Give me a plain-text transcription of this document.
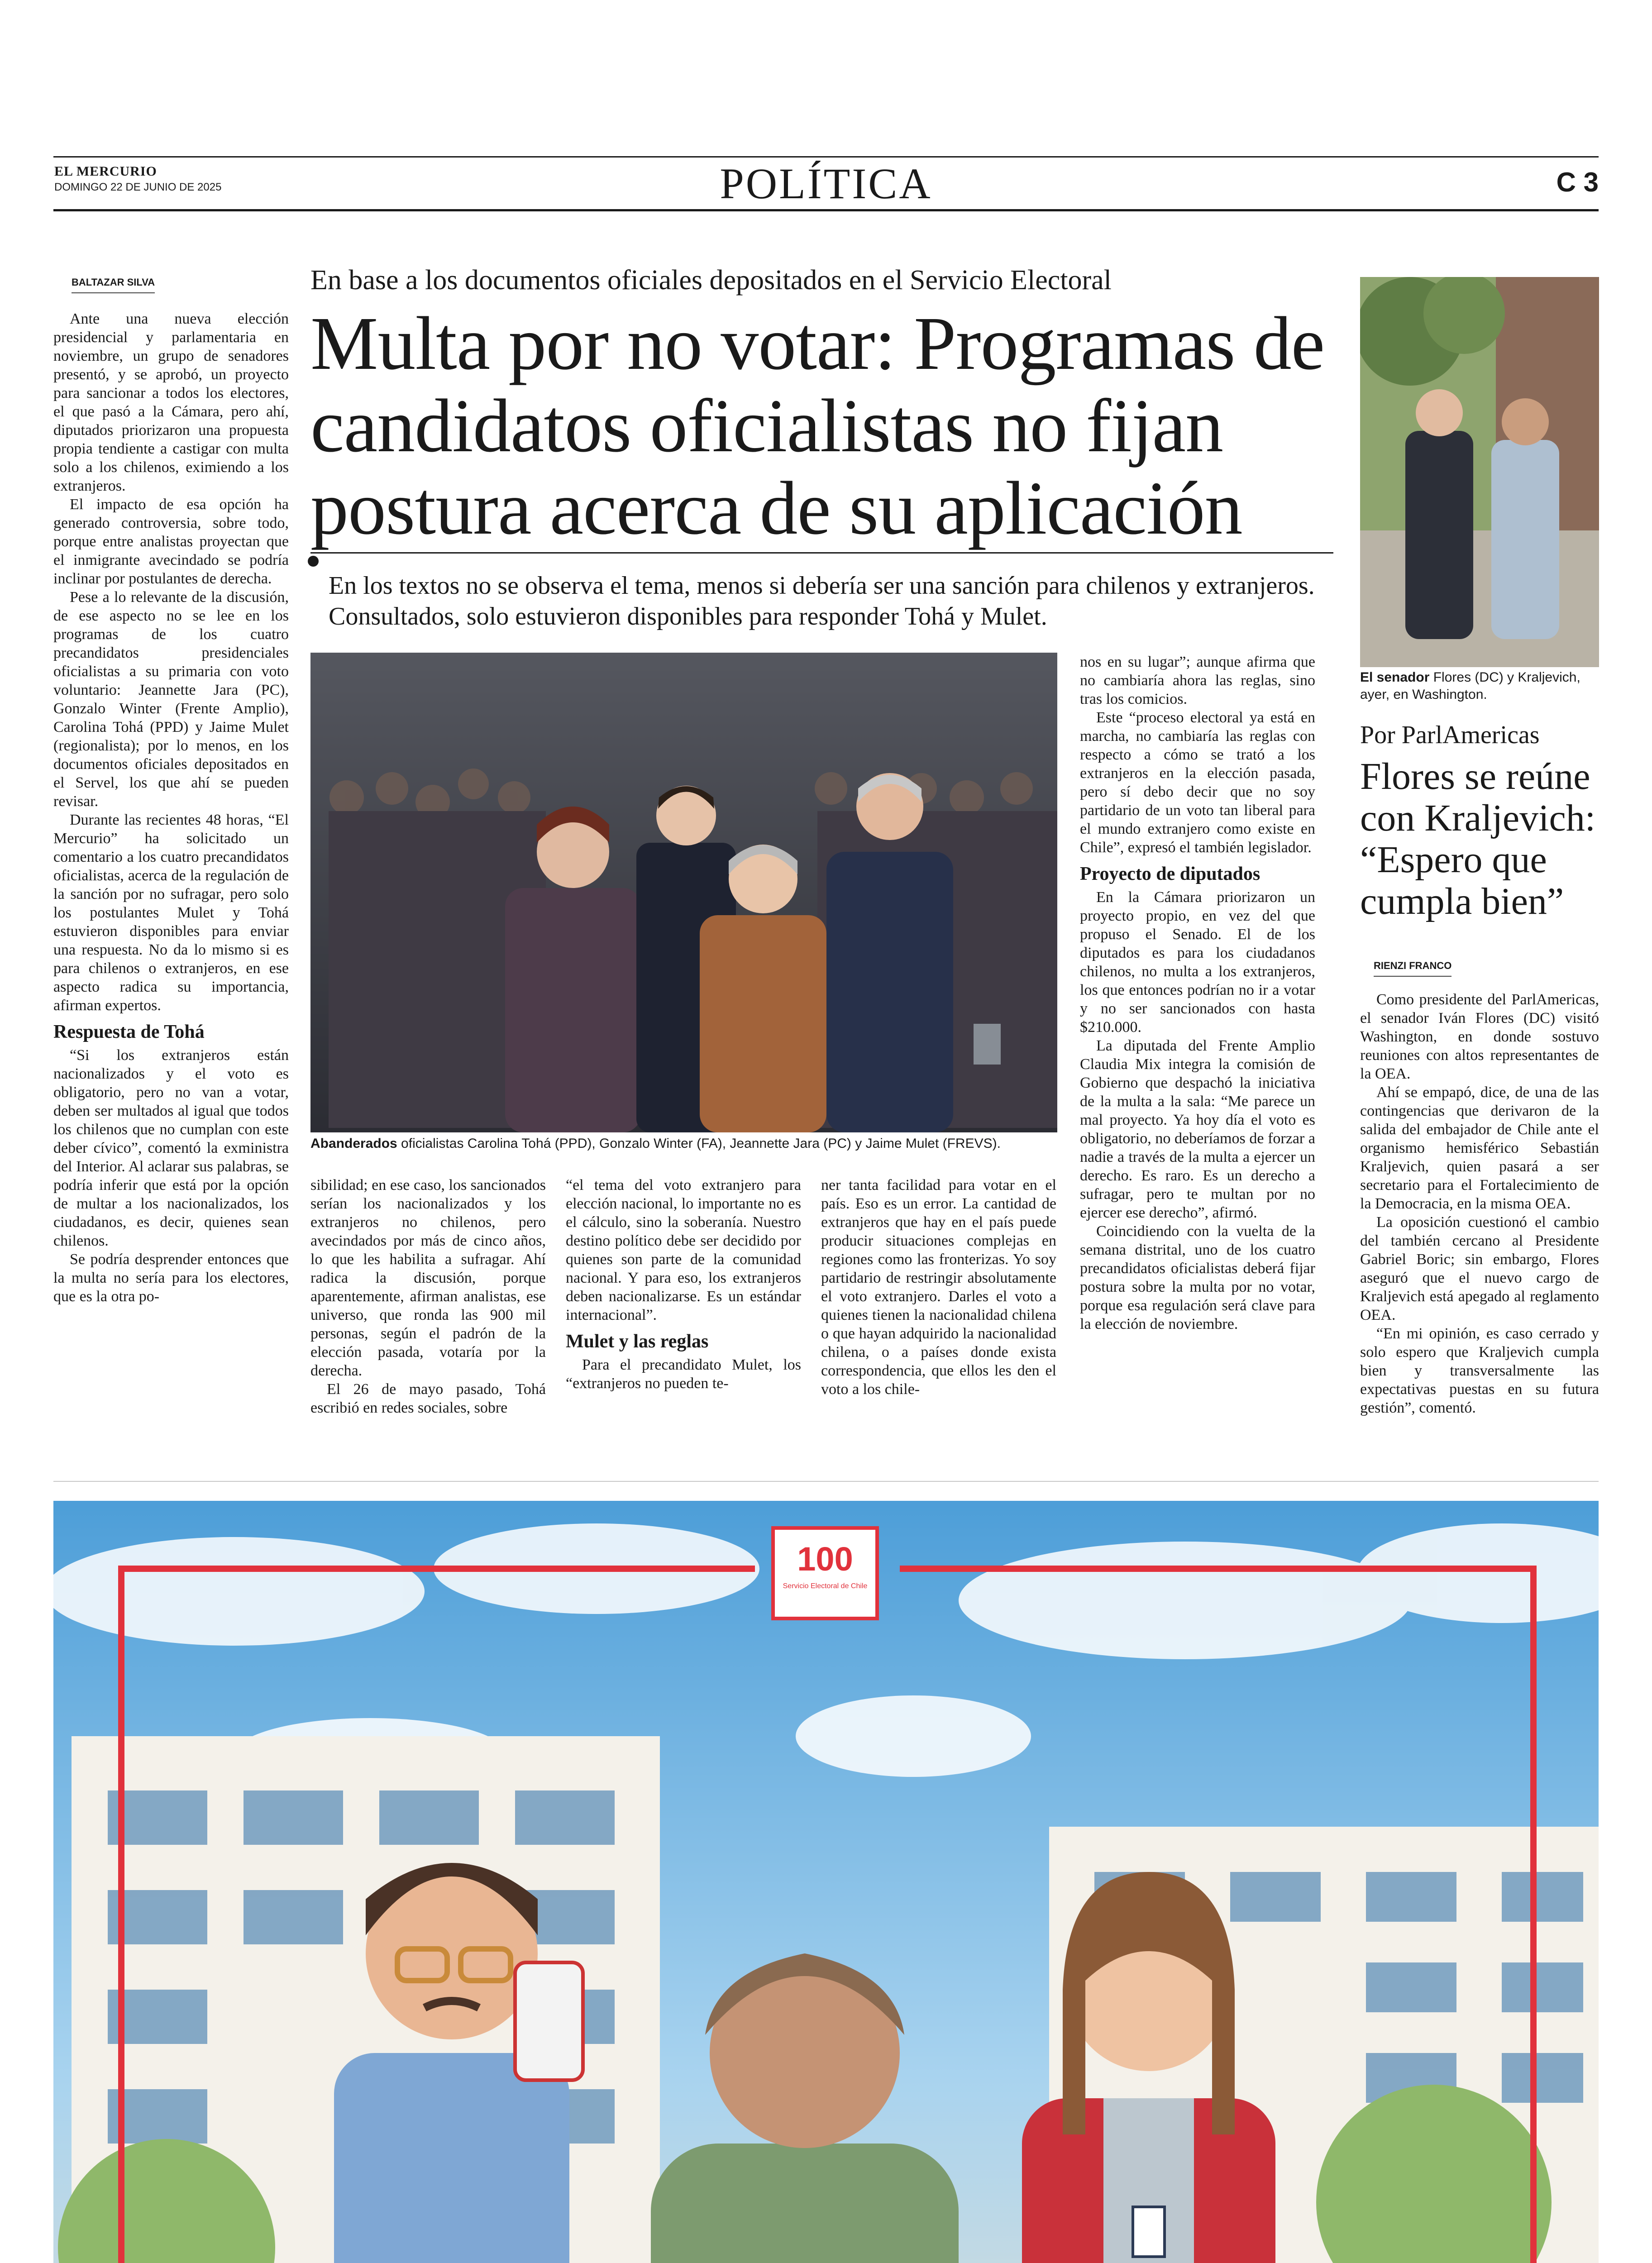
EL MERCURIO
DOMINGO 22 DE JUNIO DE 2025	POLÍTICA	C 3
BALTAZAR SILVA

Ante una nueva elección presidencial y parlamentaria en noviembre, un grupo de senadores presentó, y se aprobó, un proyecto para sancionar a todos los electores, el que pasó a la Cámara, pero ahí, diputados priorizaron una propuesta propia tendiente a castigar con multa solo a los chilenos, eximiendo a los extranjeros.

El impacto de esa opción ha generado controversia, sobre todo, porque entre analistas proyectan que el inmigrante avecindado se podría inclinar por postulantes de derecha.

Pese a lo relevante de la discusión, de ese aspecto no se lee en los programas de los cuatro precandidatos presidenciales oficialistas a su primaria con voto voluntario: Jeannette Jara (PC), Gonzalo Winter (Frente Amplio), Carolina Tohá (PPD) y Jaime Mulet (regionalista); por lo menos, en los documentos oficiales depositados en el Servel, los que ahí se pueden revisar.

Durante las recientes 48 horas, “El Mercurio” ha solicitado un comentario a los cuatro precandidatos oficialistas, acerca de la regulación de la sanción por no sufragar, pero solo los postulantes Mulet y Tohá estuvieron disponibles para enviar una respuesta. No da lo mismo si es para chilenos o extranjeros, en ese aspecto radica su importancia, afirman expertos.

Respuesta de Tohá

“Si los extranjeros están nacionalizados y el voto es obligatorio, pero no van a votar, deben ser multados al igual que todos los chilenos que no cumplan con este deber cívico”, comentó la exministra del Interior. Al aclarar sus palabras, se podría inferir que está por la opción de multar a los nacionalizados, los ciudadanos, es decir, quienes sean chilenos.

Se podría desprender entonces que la multa no sería para los electores, que es la otra po-

En base a los documentos oficiales depositados en el Servicio Electoral
Multa por no votar: Programas de candidatos oficialistas no fijan postura acerca de su aplicación
En los textos no se observa el tema, menos si debería ser una sanción para chilenos y extranjeros. Consultados, solo estuvieron disponibles para responder Tohá y Mulet.
Abanderados oficialistas Carolina Tohá (PPD), Gonzalo Winter (FA), Jeannette Jara (PC) y Jaime Mulet (FREVS).

sibilidad; en ese caso, los sancionados serían los nacionalizados y los extranjeros no chilenos, pero avecindados por más de cinco años, lo que les habilita a sufragar. Ahí radica la discusión, porque aparentemente, afirman analistas, ese universo, que ronda las 900 mil personas, según el padrón de la elección pasada, votaría por la derecha.

El 26 de mayo pasado, Tohá escribió en redes sociales, sobre

“el tema del voto extranjero para elección nacional, lo importante no es el cálculo, sino la soberanía. Nuestro destino político debe ser decidido por quienes son parte de la comunidad nacional. Y para eso, los extranjeros deben nacionalizarse. Es un estándar internacional”.

Mulet y las reglas

Para el precandidato Mulet, los “extranjeros no pueden te-

ner tanta facilidad para votar en el país. Eso es un error. La cantidad de extranjeros que hay en el país puede producir situaciones complejas en regiones como las fronterizas. Yo soy partidario de restringir absolutamente el voto extranjero. Darles el voto a quienes tienen la nacionalidad chilena o que hayan adquirido la nacionalidad chilena, o a países donde exista correspondencia, que ellos les den el voto a los chile-

nos en su lugar”; aunque afirma que no cambiaría ahora las reglas, sino tras los comicios.

Este “proceso electoral ya está en marcha, no cambiaría las reglas con respecto a cómo se trató a los extranjeros en la elección pasada, pero sí debo decir que no soy partidario de un voto tan liberal para el mundo extranjero como existe en Chile”, expresó el también legislador.

Proyecto de diputados

En la Cámara priorizaron un proyecto propio, en vez del que propuso el Senado. El de los diputados es para los ciudadanos chilenos, no multa a los extranjeros, los que entonces podrían no ir a votar y no ser sancionados con hasta $210.000.

La diputada del Frente Amplio Claudia Mix integra la comisión de Gobierno que despachó la iniciativa de la multa a la sala: “Me parece un mal proyecto. Ya hoy día el voto es obligatorio, no deberíamos de forzar a nadie a través de la multa a ejercer un derecho. Es raro. Es un derecho a sufragar, pero te multan por no ejercer ese derecho”, afirmó.

Coincidiendo con la vuelta de la semana distrital, uno de los cuatro precandidatos oficialistas deberá fijar postura sobre la multa por no votar, porque esa regulación será clave para la elección de noviembre.

El senador Flores (DC) y Kraljevich, ayer, en Washington.
Por ParlAmericas
Flores se reúne con Kraljevich: “Espero que cumpla bien”
RIENZI FRANCO

Como presidente del ParlAmericas, el senador Iván Flores (DC) visitó Washington, en donde sostuvo reuniones con altos representantes de la OEA.

Ahí se empapó, dice, de una de las contingencias que derivaron de la salida del embajador de Chile ante el organismo hemisférico Sebastián Kraljevich, quien pasará a ser secretario para el Fortalecimiento de la Democracia, en la misma OEA.

La oposición cuestionó el cambio del también cercano al Presidente Gabriel Boric; sin embargo, Flores aseguró que el nuevo cargo de Kraljevich está apegado al reglamento OEA.

“En mi opinión, es caso cerrado y solo espero que Kraljevich cumpla bien y transversalmente las expectativas puestas en su futura gestión”, comentó.

100
Servicio Electoral de Chile
